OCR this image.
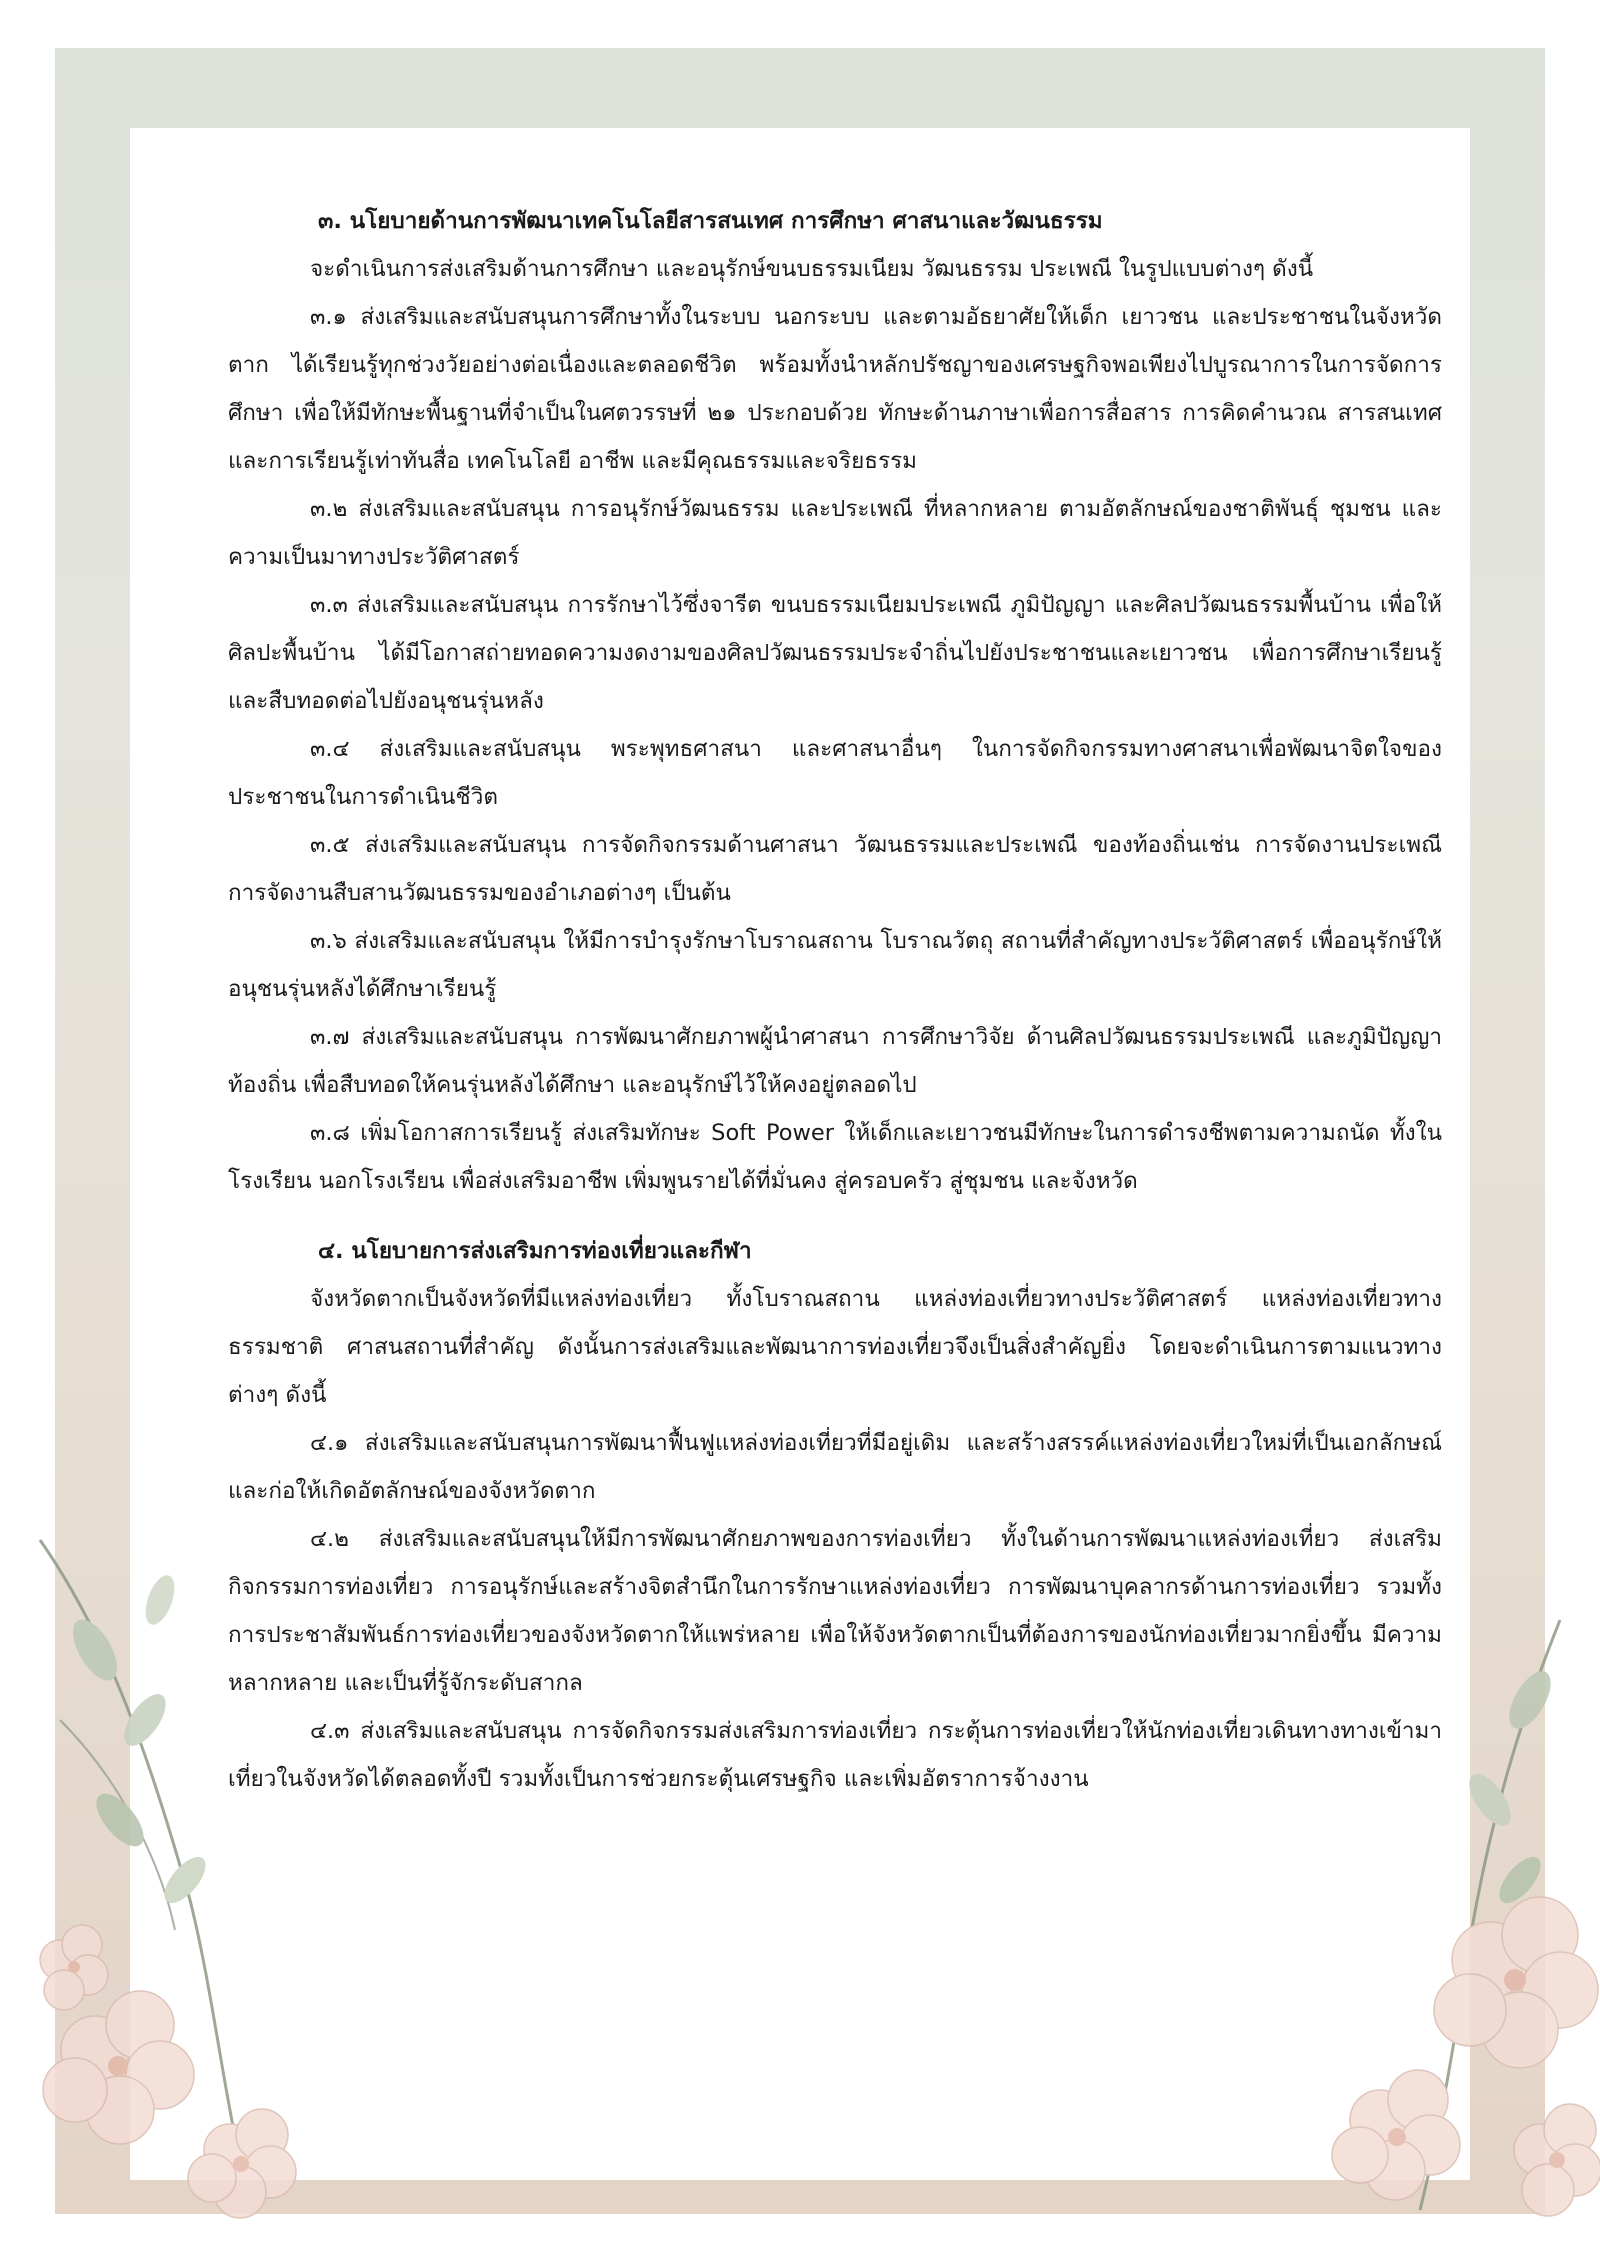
๓. นโยบายด้านการพัฒนาเทคโนโลยีสารสนเทศ การศึกษา ศาสนาและวัฒนธรรม

จะดำเนินการส่งเสริมด้านการศึกษา และอนุรักษ์ขนบธรรมเนียม วัฒนธรรม ประเพณี ในรูปแบบต่างๆ ดังนี้

๓.๑ ส่งเสริมและสนับสนุนการศึกษาทั้งในระบบ นอกระบบ และตามอัธยาศัยให้เด็ก เยาวชน และประชาชนในจังหวัดตาก ได้เรียนรู้ทุกช่วงวัยอย่างต่อเนื่องและตลอดชีวิต พร้อมทั้งนำหลักปรัชญาของเศรษฐกิจพอเพียงไปบูรณาการในการจัดการศึกษา เพื่อให้มีทักษะพื้นฐานที่จำเป็นในศตวรรษที่ ๒๑ ประกอบด้วย ทักษะด้านภาษาเพื่อการสื่อสาร การคิดคำนวณ สารสนเทศ และการเรียนรู้เท่าทันสื่อ เทคโนโลยี อาชีพ และมีคุณธรรมและจริยธรรม

๓.๒ ส่งเสริมและสนับสนุน การอนุรักษ์วัฒนธรรม และประเพณี ที่หลากหลาย ตามอัตลักษณ์ของชาติพันธุ์ ชุมชน และความเป็นมาทางประวัติศาสตร์

๓.๓ ส่งเสริมและสนับสนุน การรักษาไว้ซึ่งจารีต ขนบธรรมเนียมประเพณี ภูมิปัญญา และศิลปวัฒนธรรมพื้นบ้าน เพื่อให้ศิลปะพื้นบ้าน ได้มีโอกาสถ่ายทอดความงดงามของศิลปวัฒนธรรมประจำถิ่นไปยังประชาชนและเยาวชน เพื่อการศึกษาเรียนรู้ และสืบทอดต่อไปยังอนุชนรุ่นหลัง

๓.๔ ส่งเสริมและสนับสนุน พระพุทธศาสนา และศาสนาอื่นๆ ในการจัดกิจกรรมทางศาสนาเพื่อพัฒนาจิตใจของประชาชนในการดำเนินชีวิต

๓.๕ ส่งเสริมและสนับสนุน การจัดกิจกรรมด้านศาสนา วัฒนธรรมและประเพณี ของท้องถิ่นเช่น การจัดงานประเพณี การจัดงานสืบสานวัฒนธรรมของอำเภอต่างๆ เป็นต้น

๓.๖ ส่งเสริมและสนับสนุน ให้มีการบำรุงรักษาโบราณสถาน โบราณวัตถุ สถานที่สำคัญทางประวัติศาสตร์ เพื่ออนุรักษ์ให้อนุชนรุ่นหลังได้ศึกษาเรียนรู้

๓.๗ ส่งเสริมและสนับสนุน การพัฒนาศักยภาพผู้นำศาสนา การศึกษาวิจัย ด้านศิลปวัฒนธรรมประเพณี และภูมิปัญญาท้องถิ่น เพื่อสืบทอดให้คนรุ่นหลังได้ศึกษา และอนุรักษ์ไว้ให้คงอยู่ตลอดไป

๓.๘ เพิ่มโอกาสการเรียนรู้ ส่งเสริมทักษะ Soft Power ให้เด็กและเยาวชนมีทักษะในการดำรงชีพตามความถนัด ทั้งในโรงเรียน นอกโรงเรียน เพื่อส่งเสริมอาชีพ เพิ่มพูนรายได้ที่มั่นคง สู่ครอบครัว สู่ชุมชน และจังหวัด

๔. นโยบายการส่งเสริมการท่องเที่ยวและกีฬา

จังหวัดตากเป็นจังหวัดที่มีแหล่งท่องเที่ยว ทั้งโบราณสถาน แหล่งท่องเที่ยวทางประวัติศาสตร์ แหล่งท่องเที่ยวทางธรรมชาติ ศาสนสถานที่สำคัญ ดังนั้นการส่งเสริมและพัฒนาการท่องเที่ยวจึงเป็นสิ่งสำคัญยิ่ง โดยจะดำเนินการตามแนวทางต่างๆ ดังนี้

๔.๑ ส่งเสริมและสนับสนุนการพัฒนาฟื้นฟูแหล่งท่องเที่ยวที่มีอยู่เดิม และสร้างสรรค์แหล่งท่องเที่ยวใหม่ที่เป็นเอกลักษณ์ และก่อให้เกิดอัตลักษณ์ของจังหวัดตาก

๔.๒ ส่งเสริมและสนับสนุนให้มีการพัฒนาศักยภาพของการท่องเที่ยว ทั้งในด้านการพัฒนาแหล่งท่องเที่ยว ส่งเสริมกิจกรรมการท่องเที่ยว การอนุรักษ์และสร้างจิตสำนึกในการรักษาแหล่งท่องเที่ยว การพัฒนาบุคลากรด้านการท่องเที่ยว รวมทั้งการประชาสัมพันธ์การท่องเที่ยวของจังหวัดตากให้แพร่หลาย เพื่อให้จังหวัดตากเป็นที่ต้องการของนักท่องเที่ยวมากยิ่งขึ้น มีความหลากหลาย และเป็นที่รู้จักระดับสากล

๔.๓ ส่งเสริมและสนับสนุน การจัดกิจกรรมส่งเสริมการท่องเที่ยว กระตุ้นการท่องเที่ยวให้นักท่องเที่ยวเดินทางทางเข้ามาเที่ยวในจังหวัดได้ตลอดทั้งปี รวมทั้งเป็นการช่วยกระตุ้นเศรษฐกิจ และเพิ่มอัตราการจ้างงาน
